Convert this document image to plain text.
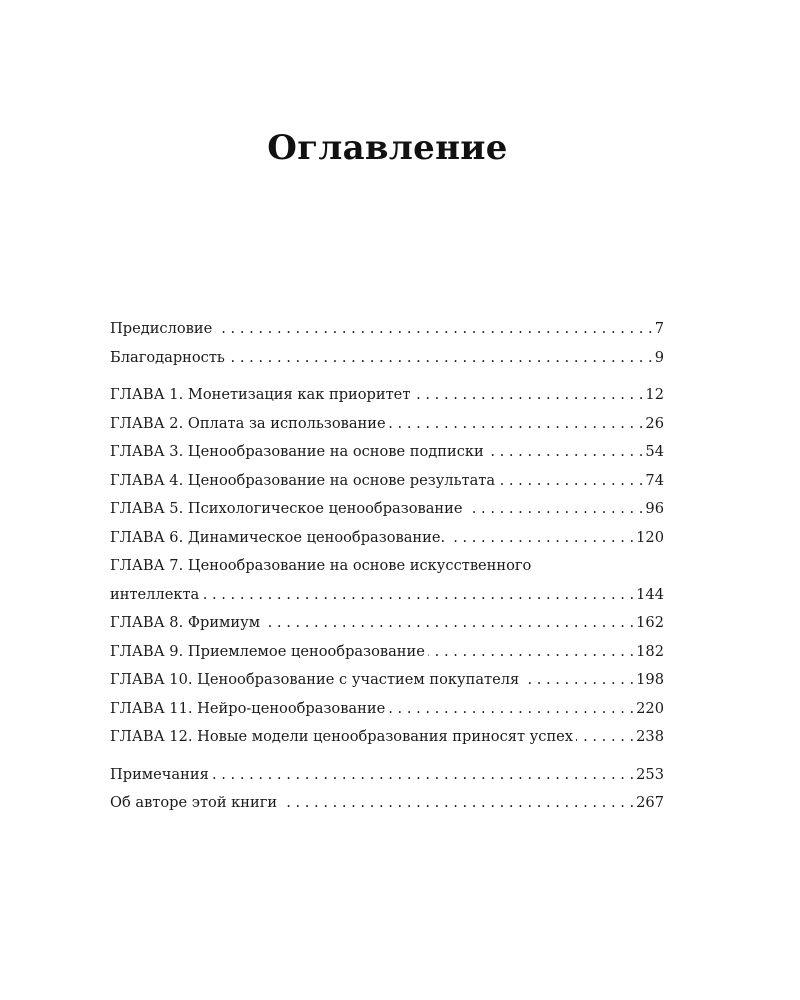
Оглавление
Предисловие . . .	7
Благодарность . . .	9
ГЛАВА 1. Монетизация как приоритет . . .	12
ГЛАВА 2. Оплата за использование . . .	26
ГЛАВА 3. Ценообразование на основе подписки . . .	54
ГЛАВА 4. Ценообразование на основе результата . . .	74
ГЛАВА 5. Психологическое ценообразование . . .	96
ГЛАВА 6. Динамическое ценообразование. . . .	120
ГЛАВА 7. Ценообразование на основе искусственного
интеллекта . . .	144
ГЛАВА 8. Фримиум . . .	162
ГЛАВА 9. Приемлемое ценообразование . . .	182
ГЛАВА 10. Ценообразование с участием покупателя . . .	198
ГЛАВА 11. Нейро-ценообразование . . .	220
ГЛАВА 12. Новые модели ценообразования приносят успех . . .	238
Примечания . . .	253
Об авторе этой книги . . .	267
